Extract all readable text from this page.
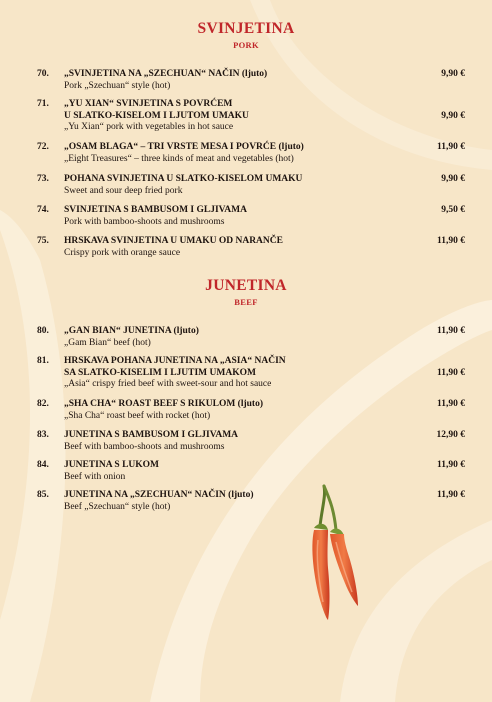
SVINJETINA
PORK
70. „SVINJETINA NA „SZECHUAN“ NAČIN (ljuto)
Pork „Szechuan“ style (hot)
9,90 €
71. „YU XIAN“ SVINJETINA S POVRĆEM
U SLATKO-KISELOM I LJUTOM UMAKU
„Yu Xian“ pork with vegetables in hot sauce
9,90 €
72. „OSAM BLAGA“ – TRI VRSTE MESA I POVRĆE (ljuto)
„Eight Treasures“ – three kinds of meat and vegetables (hot)
11,90 €
73. POHANA SVINJETINA U SLATKO-KISELOM UMAKU
Sweet and sour deep fried pork
9,90 €
74. SVINJETINA S BAMBUSOM I GLJIVAMA
Pork with bamboo-shoots and mushrooms
9,50 €
75. HRSKAVA SVINJETINA U UMAKU OD NARANČE
Crispy pork with orange sauce
11,90 €
JUNETINA
BEEF
80. „GAN BIAN“ JUNETINA (ljuto)
„Gam Bian“ beef (hot)
11,90 €
81. HRSKAVA POHANA JUNETINA NA „ASIA“ NAČIN
SA SLATKO-KISELIM I LJUTIM UMAKOM
„Asia“ crispy fried beef with sweet-sour and hot sauce
11,90 €
82. „SHA CHA“ ROAST BEEF S RIKULOM (ljuto)
„Sha Cha“ roast beef with rocket (hot)
11,90 €
83. JUNETINA S BAMBUSOM I GLJIVAMA
Beef with bamboo-shoots and mushrooms
12,90 €
84. JUNETINA S LUKOM
Beef with onion
11,90 €
85. JUNETINA NA „SZECHUAN“ NAČIN (ljuto)
Beef „Szechuan“ style (hot)
11,90 €
